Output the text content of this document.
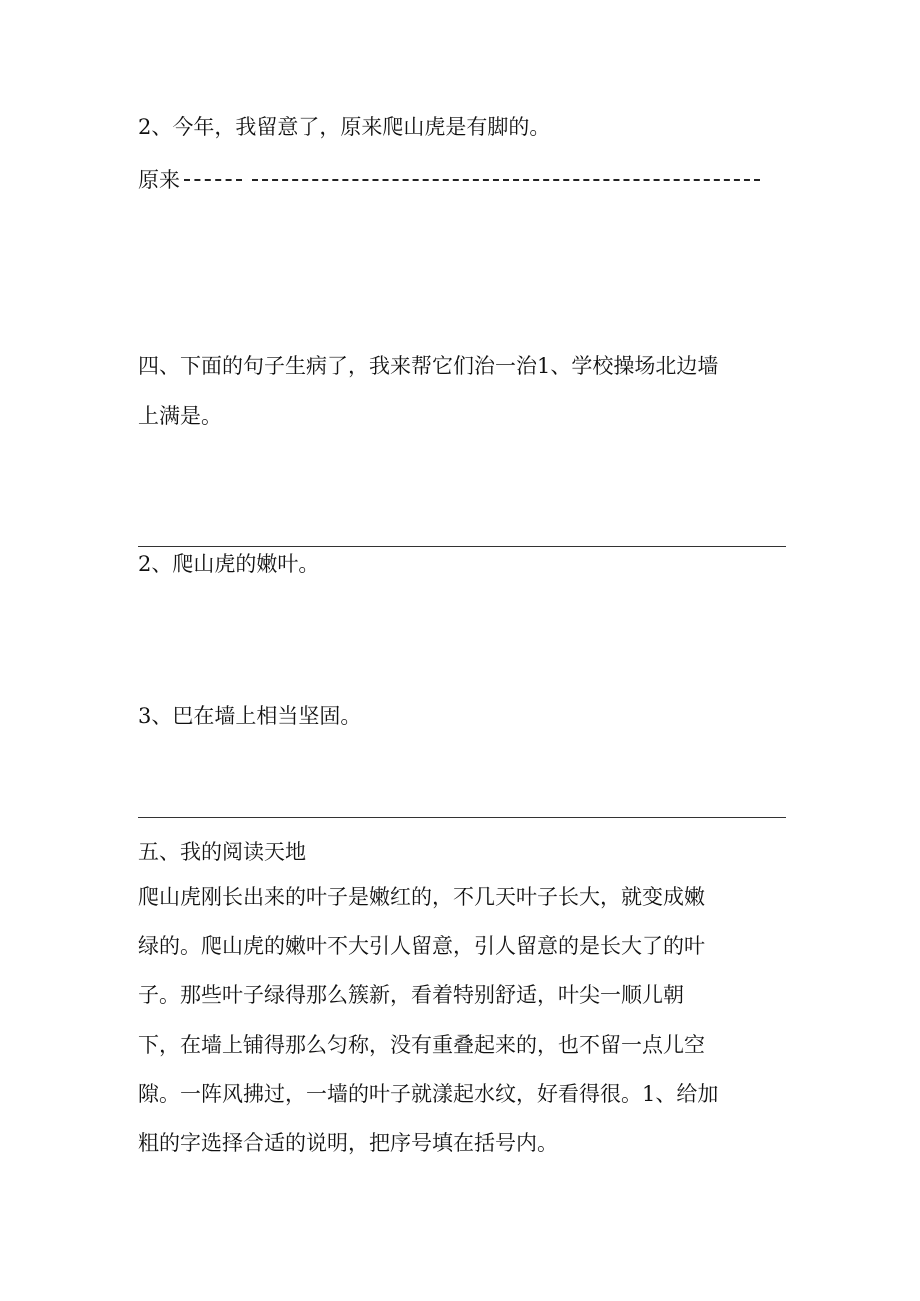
2、今年，我留意了，原来爬山虎是有脚的。
原来
四、下面的句子生病了，我来帮它们治一治1、学校操场北边墙
上满是。
2、爬山虎的嫩叶。
3、巴在墙上相当坚固。
五、我的阅读天地
爬山虎刚长出来的叶子是嫩红的，不几天叶子长大，就变成嫩
绿的。爬山虎的嫩叶不大引人留意，引人留意的是长大了的叶
子。那些叶子绿得那么簇新，看着特别舒适，叶尖一顺儿朝
下，在墙上铺得那么匀称，没有重叠起来的，也不留一点儿空
隙。一阵风拂过，一墙的叶子就漾起水纹，好看得很。1、给加
粗的字选择合适的说明，把序号填在括号内。
